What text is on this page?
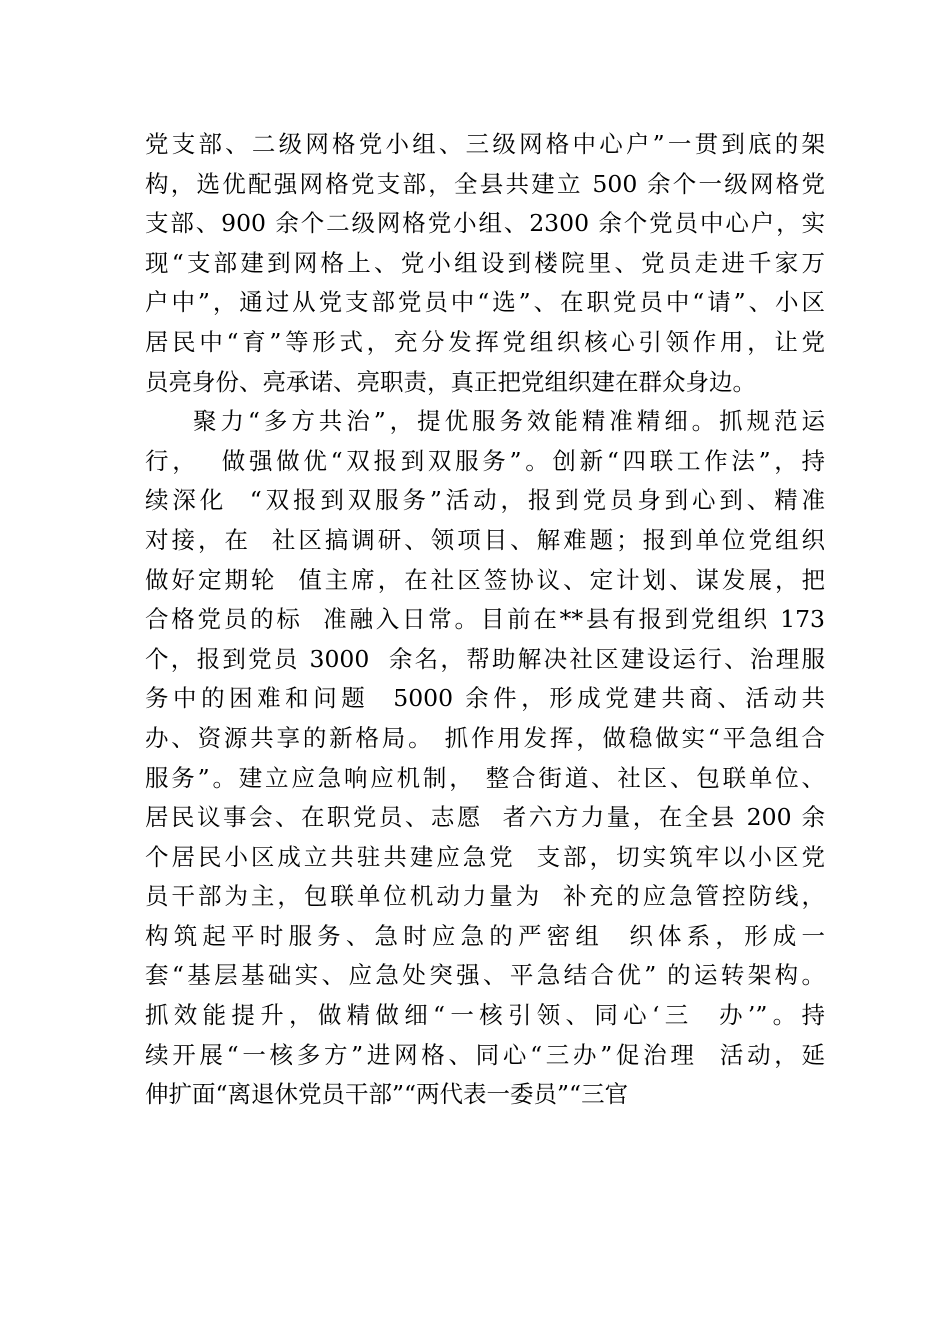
党支部、二级网格党小组、三级网格中心户”一贯到底的架
构，选优配强网格党支部，全县共建立 500 余个一级网格党
支部、900 余个二级网格党小组、2300 余个党员中心户，实
现“支部建到网格上、党小组设到楼院里、党员走进千家万
户中”，通过从党支部党员中“选”、在职党员中“请”、小区
居民中“育”等形式，充分发挥党组织核心引领作用，让党
员亮身份、亮承诺、亮职责，真正把党组织建在群众身边。
聚力“多方共治”，提优服务效能精准精细。抓规范运
行，  做强做优“双报到双服务”。创新“四联工作法”，持
续深化  “双报到双服务”活动，报到党员身到心到、精准
对接，在  社区搞调研、领项目、解难题；报到单位党组织
做好定期轮  值主席，在社区签协议、定计划、谋发展，把
合格党员的标  准融入日常。目前在**县有报到党组织 173
个，报到党员 3000  余名，帮助解决社区建设运行、治理服
务中的困难和问题  5000 余件，形成党建共商、活动共
办、资源共享的新格局。 抓作用发挥，做稳做实“平急组合
服务”。建立应急响应机制， 整合街道、社区、包联单位、
居民议事会、在职党员、志愿  者六方力量，在全县 200 余
个居民小区成立共驻共建应急党  支部，切实筑牢以小区党
员干部为主，包联单位机动力量为  补充的应急管控防线，
构筑起平时服务、急时应急的严密组  织体系，形成一
套“基层基础实、应急处突强、平急结合优” 的运转架构。
抓效能提升，做精做细“一核引领、同心‘三  办’”。持
续开展“一核多方”进网格、同心“三办”促治理  活动，延
伸扩面“离退休党员干部”“两代表一委员”“三官
